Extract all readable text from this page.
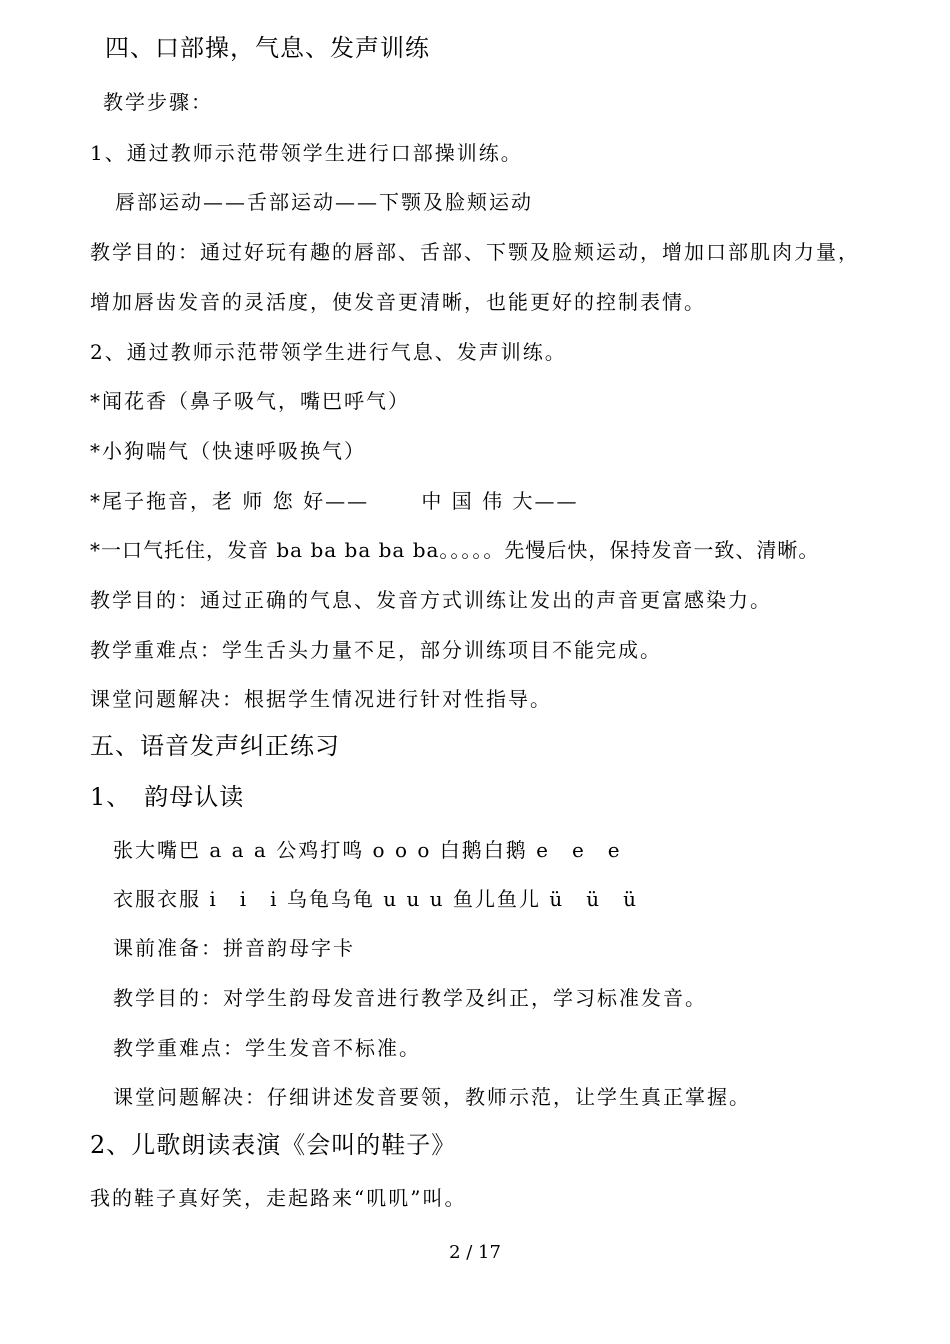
四、口部操，气息、发声训练
教学步骤：
1、通过教师示范带领学生进行口部操训练。
唇部运动——舌部运动——下颚及脸颊运动
教学目的：通过好玩有趣的唇部、舌部、下颚及脸颊运动，增加口部肌肉力量，
增加唇齿发音的灵活度，使发音更清晰，也能更好的控制表情。
2、通过教师示范带领学生进行气息、发声训练。
*闻花香（鼻子吸气，嘴巴呼气）
*小狗喘气（快速呼吸换气）
*尾子拖音，老 师 您 好——　　 中 国 伟 大——
*一口气托住，发音 ba ba ba ba ba。。。。。先慢后快，保持发音一致、清晰。
教学目的：通过正确的气息、发音方式训练让发出的声音更富感染力。
教学重难点：学生舌头力量不足，部分训练项目不能完成。
课堂问题解决：根据学生情况进行针对性指导。
五、语音发声纠正练习
1、　韵母认读
张大嘴巴 a a a 公鸡打鸣 o o o 白鹅白鹅 e　e　e
衣服衣服 i　i　i 乌龟乌龟 u u u 鱼儿鱼儿 ü　ü　ü
课前准备：拼音韵母字卡
教学目的：对学生韵母发音进行教学及纠正，学习标准发音。
教学重难点：学生发音不标准。
课堂问题解决：仔细讲述发音要领，教师示范，让学生真正掌握。
2、儿歌朗读表演《会叫的鞋子》
我的鞋子真好笑，走起路来“叽叽”叫。
2 / 17
